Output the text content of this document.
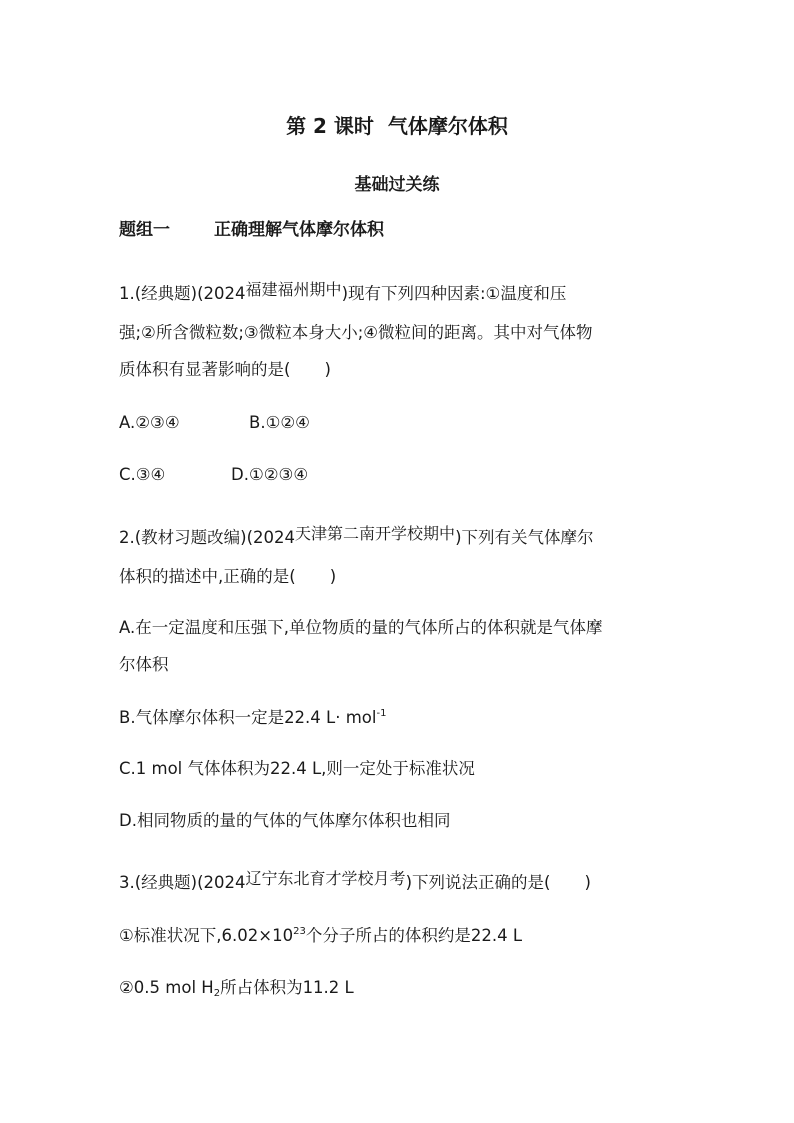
第 2 课时 气体摩尔体积
基础过关练
题组一	正确理解气体摩尔体积
1.(经典题)(2024福建福州期中)现有下列四种因素:①温度和压
强;②所含微粒数;③微粒本身大小;④微粒间的距离。其中对气体物
质体积有显著影响的是( )
A.②③④	B.①②④
C.③④	D.①②③④
2.(教材习题改编)(2024天津第二南开学校期中)下列有关气体摩尔
体积的描述中,正确的是( )
A.在一定温度和压强下,单位物质的量的气体所占的体积就是气体摩
尔体积
B.气体摩尔体积一定是22.4 L· mol$^{-1}$
C.1 mol 气体体积为22.4 L,则一定处于标准状况
D.相同物质的量的气体的气体摩尔体积也相同
3.(经典题)(2024辽宁东北育才学校月考)下列说法正确的是( )
①标准状况下$,6.02\times 10^{23}$个分子所占的体积约是22.4 L
②0.5 mol $H_2$所占体积为11.2 L
